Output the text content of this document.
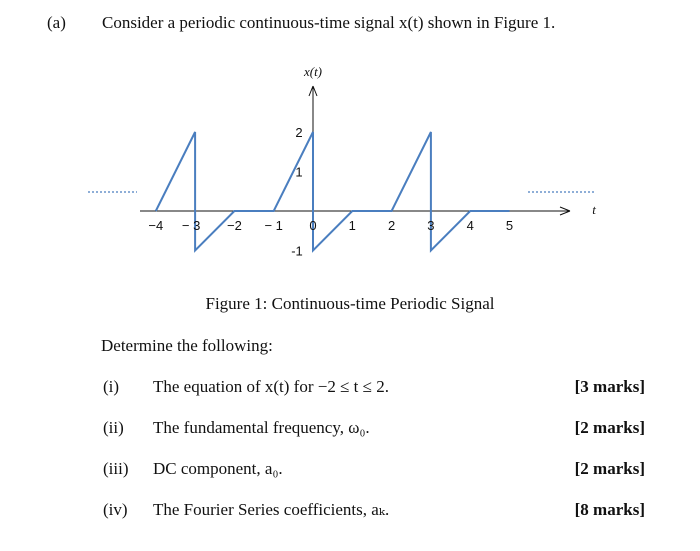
(a) Consider a periodic continuous-time signal x(t) shown in Figure 1.
t
x(t)
−4 − 3 −2 − 1 0 1 2 3 4 5
2
1
-1
Figure 1: Continuous-time Periodic Signal
Determine the following:
(i) The equation of x(t) for −2 ≤ t ≤ 2.	[3 marks]
(ii) The fundamental frequency, ω₀.	[2 marks]
(iii) DC component, a₀.	[2 marks]
(iv) The Fourier Series coefficients, aₖ.	[8 marks]
